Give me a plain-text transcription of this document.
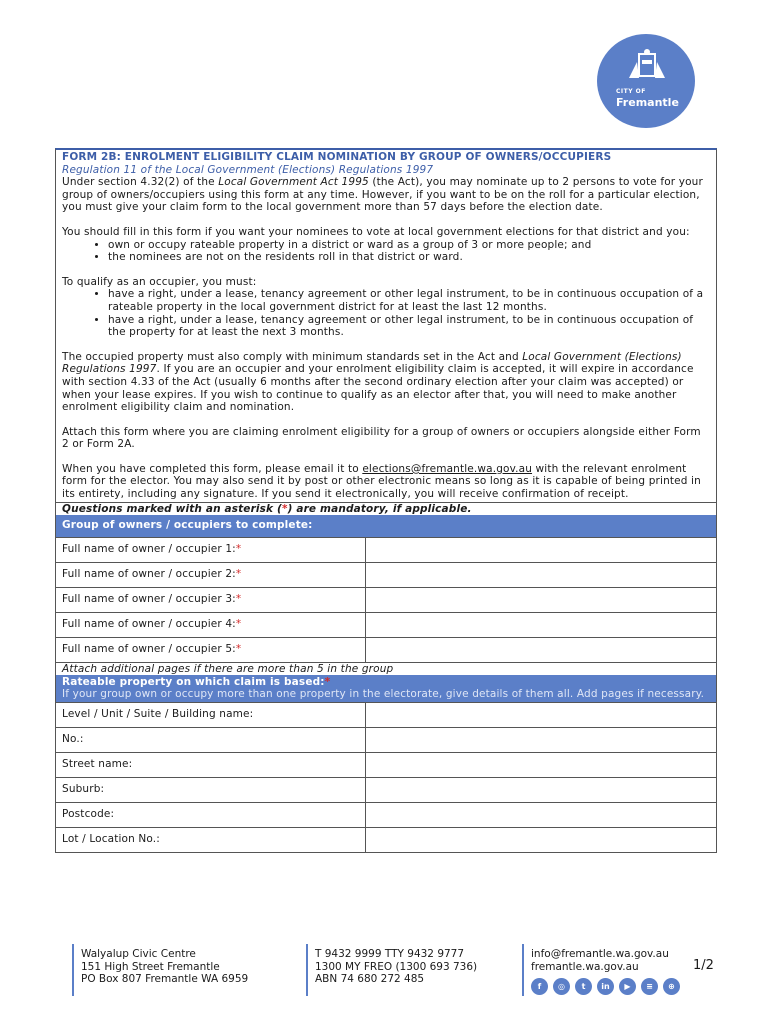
CITY OF
Fremantle
FORM 2B: ENROLMENT ELIGIBILITY CLAIM NOMINATION BY GROUP OF OWNERS/OCCUPIERS
Regulation 11 of the Local Government (Elections) Regulations 1997

Under section 4.32(2) of the Local Government Act 1995 (the Act), you may nominate up to 2 persons to vote for your group of owners/occupiers using this form at any time. However, if you want to be on the roll for a particular election, you must give your claim form to the local government more than 57 days before the election date.

You should fill in this form if you want your nominees to vote at local government elections for that district and you:
• own or occupy rateable property in a district or ward as a group of 3 or more people; and
• the nominees are not on the residents roll in that district or ward.
To qualify as an occupier, you must:
• have a right, under a lease, tenancy agreement or other legal instrument, to be in continuous occupation of a rateable property in the local government district for at least the last 12 months.
• have a right, under a lease, tenancy agreement or other legal instrument, to be in continuous occupation of the property for at least the next 3 months.

The occupied property must also comply with minimum standards set in the Act and Local Government (Elections) Regulations 1997. If you are an occupier and your enrolment eligibility claim is accepted, it will expire in accordance with section 4.33 of the Act (usually 6 months after the second ordinary election after your claim was accepted) or when your lease expires. If you wish to continue to qualify as an elector after that, you will need to make another enrolment eligibility claim and nomination.

Attach this form where you are claiming enrolment eligibility for a group of owners or occupiers alongside either Form 2 or Form 2A.

When you have completed this form, please email it to elections@fremantle.wa.gov.au with the relevant enrolment form for the elector. You may also send it by post or other electronic means so long as it is capable of being printed in its entirety, including any signature. If you send it electronically, you will receive confirmation of receipt.

Questions marked with an asterisk (*) are mandatory, if applicable.
Group of owners / occupiers to complete:
Full name of owner / occupier 1:*	
Full name of owner / occupier 2:*	
Full name of owner / occupier 3:*	
Full name of owner / occupier 4:*	
Full name of owner / occupier 5:*	
Attach additional pages if there are more than 5 in the group
Rateable property on which claim is based:*
If your group own or occupy more than one property in the electorate, give details of them all. Add pages if necessary.
Level / Unit / Suite / Building name:	
No.:	
Street name:	
Suburb:	
Postcode:	
Lot / Location No.:	
Walyalup Civic Centre
151 High Street Fremantle
PO Box 807 Fremantle WA 6959
T 9432 9999 TTY 9432 9777
1300 MY FREO (1300 693 736)
ABN 74 680 272 485
info@fremantle.wa.gov.au
fremantle.wa.gov.au	1/2
f	◎	t	in	▶	≡	⊕
